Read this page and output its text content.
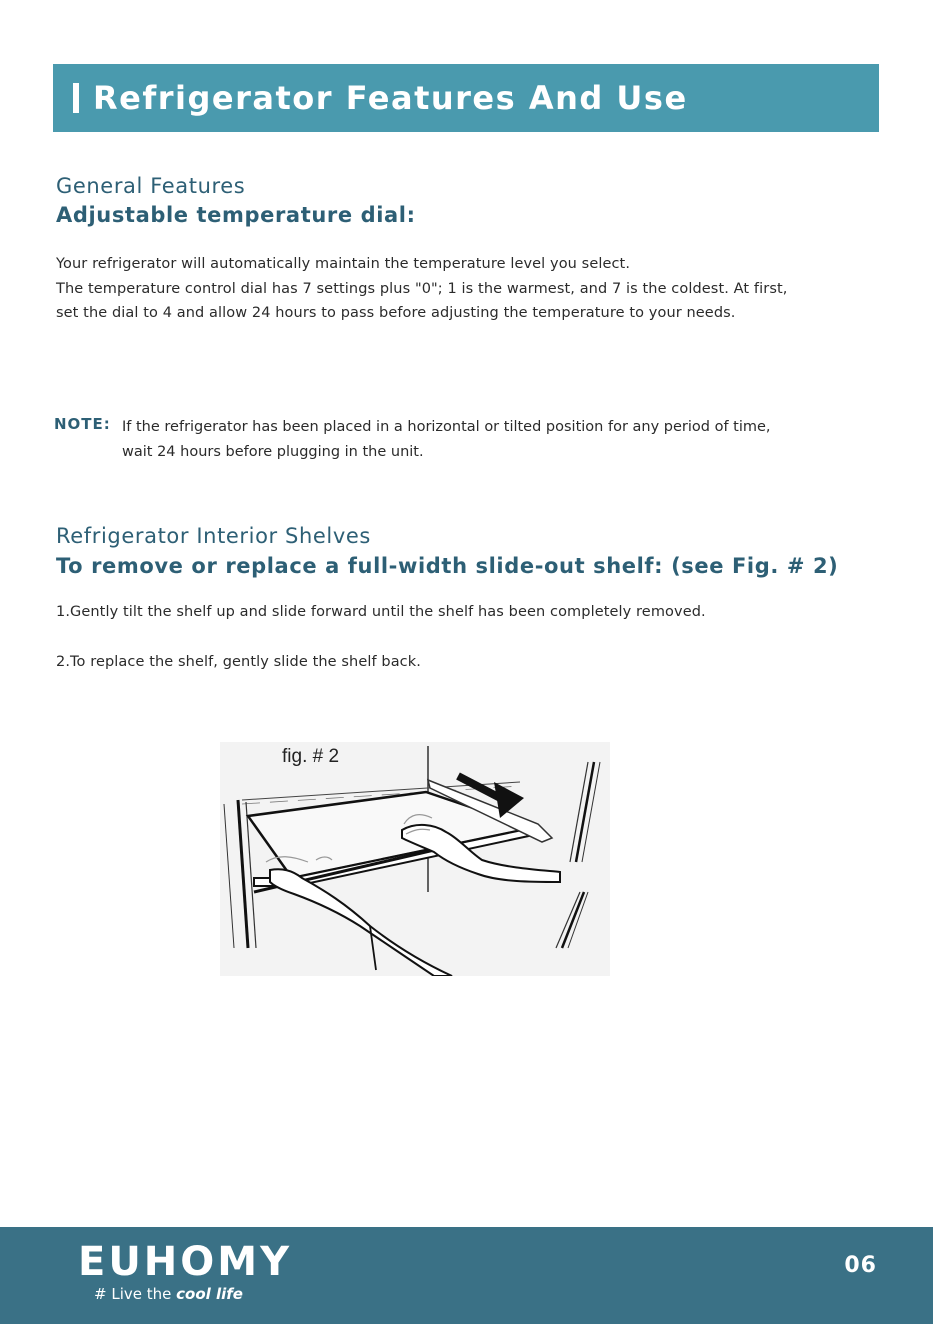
Refrigerator Features And Use
General Features
Adjustable temperature dial:

Your refrigerator will automatically maintain the temperature level you select.
The temperature control dial has 7 settings plus "0"; 1 is the warmest, and 7 is the coldest. At first,
set the dial to 4 and allow 24 hours to pass before adjusting the temperature to your needs.

NOTE: If the refrigerator has been placed in a horizontal or tilted position for any period of time,
wait 24 hours before plugging in the unit.

Refrigerator Interior Shelves
To remove or replace a full-width slide-out shelf: (see Fig. # 2)

1.Gently tilt the shelf up and slide forward until the shelf has been completely removed.

2.To replace the shelf, gently slide the shelf back.

fig. # 2
EUHOMY
# Live the cool life
06
